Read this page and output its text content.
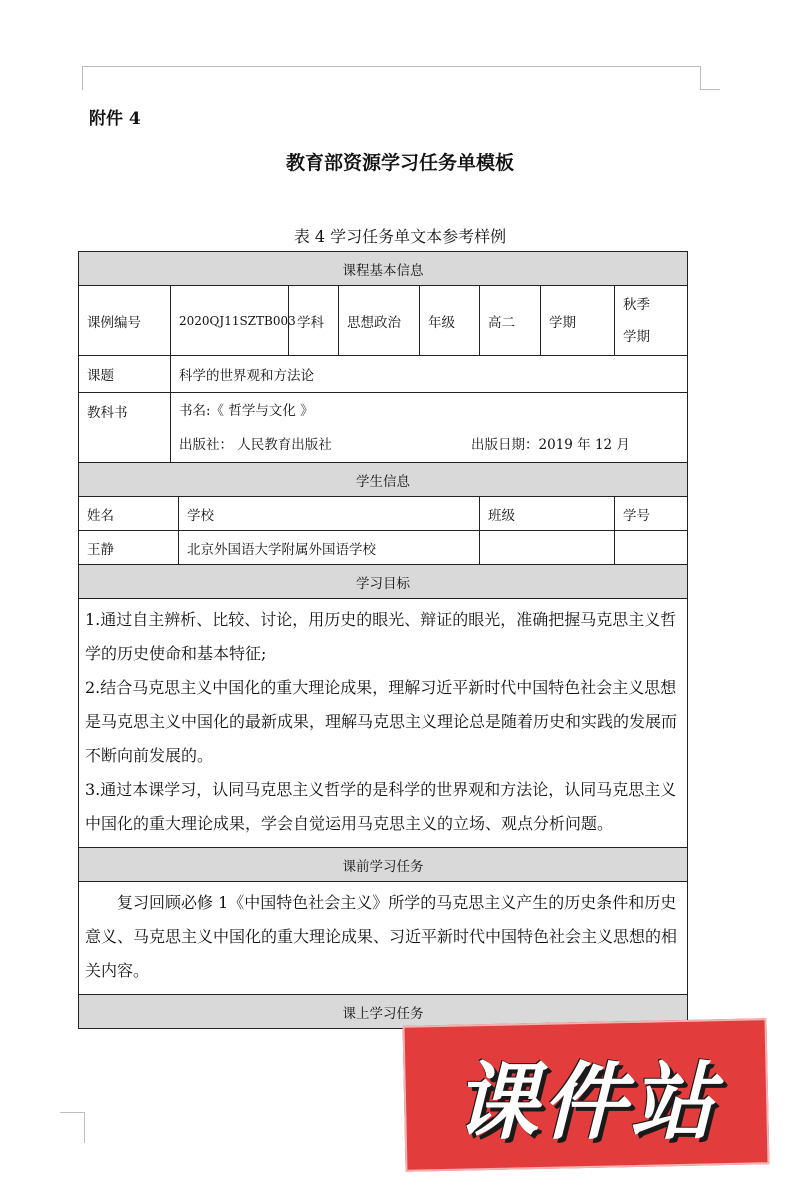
附件 4
教育部资源学习任务单模板
表 4 学习任务单文本参考样例
课程基本信息								
课例编号	2020QJ11SZTB003		学科	思想政治	年级	高二	学期	秋季
学期

课题	科学的世界观和方法论							
教科书	书名:《 哲学与文化 》
出版社： 人民教育出版社 出版日期：2019 年 12 月							

学生信息								
姓名		学校				班级		学号
王静		北京外国语大学附属外国语学校						
学习目标								

1.通过自主辨析、比较、讨论，用历史的眼光、辩证的眼光，准确把握马克思主义哲学的历史使命和基本特征;
2.结合马克思主义中国化的重大理论成果，理解习近平新时代中国特色社会主义思想是马克思主义中国化的最新成果，理解马克思主义理论总是随着历史和实践的发展而不断向前发展的。
3.通过本课学习，认同马克思主义哲学的是科学的世界观和方法论，认同马克思主义中国化的重大理论成果，学会自觉运用马克思主义的立场、观点分析问题。								

课前学习任务								
　　复习回顾必修 1《中国特色社会主义》所学的马克思主义产生的历史条件和历史意义、马克思主义中国化的重大理论成果、习近平新时代中国特色社会主义思想的相关内容。								
课上学习任务								
课件站
